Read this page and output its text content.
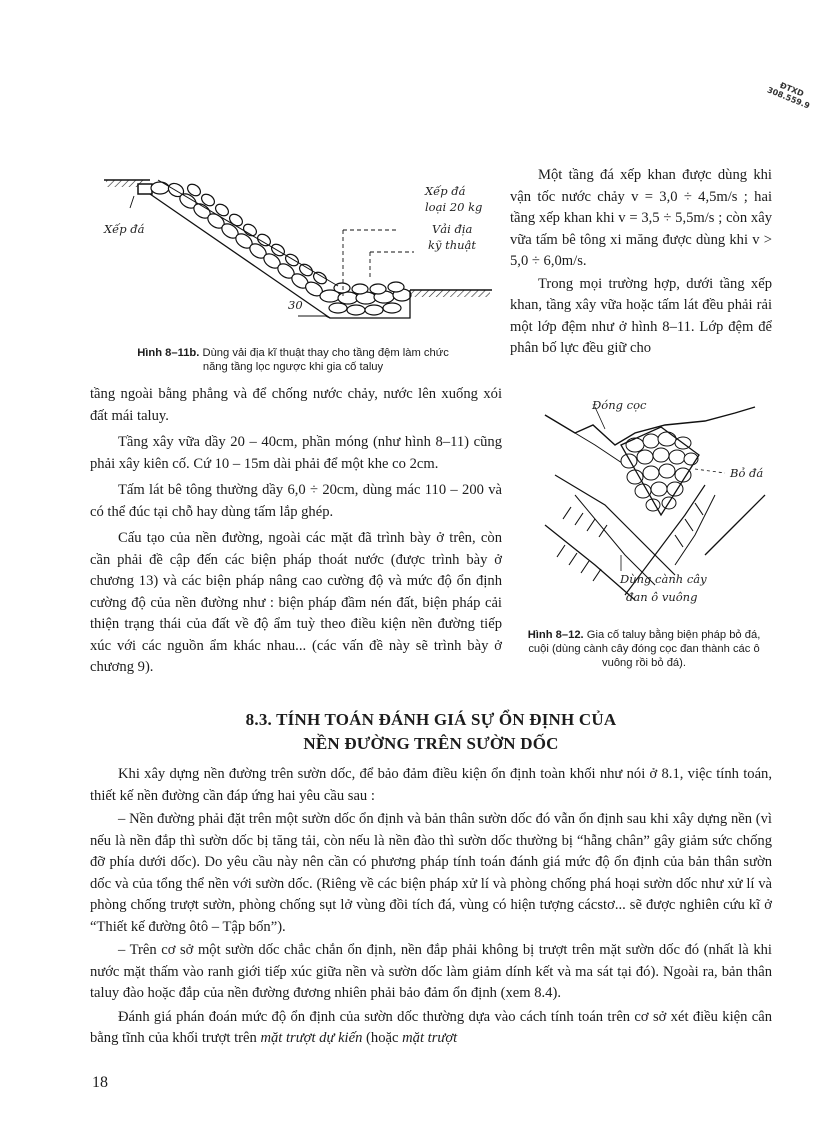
ĐTXD 308.559.9
Xếp đá
loại 20 kg
Vải địa
kỹ thuật
Xếp đá
30
Hình 8–11b. Dùng vải địa kĩ thuật thay cho tầng đệm làm chức năng tầng lọc ngược khi gia cố taluy

Một tầng đá xếp khan được dùng khi vận tốc nước chảy v = 3,0 ÷ 4,5m/s ; hai tầng xếp khan khi v = 3,5 ÷ 5,5m/s ; còn xây vữa tấm bê tông xi măng được dùng khi v > 5,0 ÷ 6,0m/s.

Trong mọi trường hợp, dưới tầng xếp khan, tầng xây vữa hoặc tấm lát đều phải rải một lớp đệm như ở hình 8–11. Lớp đệm để phân bố lực đều giữ cho

tầng ngoài bằng phẳng và để chống nước chảy, nước lên xuống xói đất mái taluy.

Tầng xây vữa dầy 20 – 40cm, phần móng (như hình 8–11) cũng phải xây kiên cố. Cứ 10 – 15m dài phải để một khe co 2cm.

Tấm lát bê tông thường dầy 6,0 ÷ 20cm, dùng mác 110 – 200 và có thể đúc tại chỗ hay dùng tấm lắp ghép.

Cấu tạo của nền đường, ngoài các mặt đã trình bày ở trên, còn cần phải đề cập đến các biện pháp thoát nước (được trình bày ở chương 13) và các biện pháp nâng cao cường độ và mức độ ổn định cường độ của nền đường như : biện pháp đầm nén đất, biện pháp cải thiện trạng thái của đất về độ ẩm tuỳ theo điều kiện nền đường tiếp xúc với các nguồn ẩm khác nhau... (các vấn đề này sẽ trình bày ở chương 9).

Đóng cọc
Bỏ đá
Dùng cành cây
đan ô vuông
Hình 8–12. Gia cố taluy bằng biện pháp bỏ đá, cuội (dùng cành cây đóng cọc đan thành các ô vuông rồi bỏ đá).
8.3. TÍNH TOÁN ĐÁNH GIÁ SỰ ỔN ĐỊNH CỦA
NỀN ĐƯỜNG TRÊN SƯỜN DỐC

Khi xây dựng nền đường trên sườn dốc, để bảo đảm điều kiện ổn định toàn khối như nói ở 8.1, việc tính toán, thiết kế nền đường cần đáp ứng hai yêu cầu sau :

– Nền đường phải đặt trên một sườn dốc ổn định và bản thân sườn dốc đó vẫn ổn định sau khi xây dựng nền (vì nếu là nền đắp thì sườn dốc bị tăng tải, còn nếu là nền đào thì sườn dốc thường bị “hẫng chân” gây giảm sức chống đỡ phía dưới dốc). Do yêu cầu này nên cần có phương pháp tính toán đánh giá mức độ ổn định của bản thân sườn dốc và của tổng thể nền với sườn dốc. (Riêng về các biện pháp xử lí và phòng chống phá hoại sườn dốc như xử lí và phòng chống trượt sườn, phòng chống sụt lở vùng đồi tích đá, vùng có hiện tượng cácstơ... sẽ được nghiên cứu kĩ ở “Thiết kế đường ôtô – Tập bốn”).

– Trên cơ sở một sườn dốc chắc chắn ổn định, nền đắp phải không bị trượt trên mặt sườn dốc đó (nhất là khi nước mặt thấm vào ranh giới tiếp xúc giữa nền và sườn dốc làm giảm dính kết và ma sát tại đó). Ngoài ra, bản thân taluy đào hoặc đắp của nền đường đương nhiên phải bảo đảm ổn định (xem 8.4).

Đánh giá phán đoán mức độ ổn định của sườn dốc thường dựa vào cách tính toán trên cơ sở xét điều kiện cân bằng tĩnh của khối trượt trên mặt trượt dự kiến (hoặc mặt trượt

18
